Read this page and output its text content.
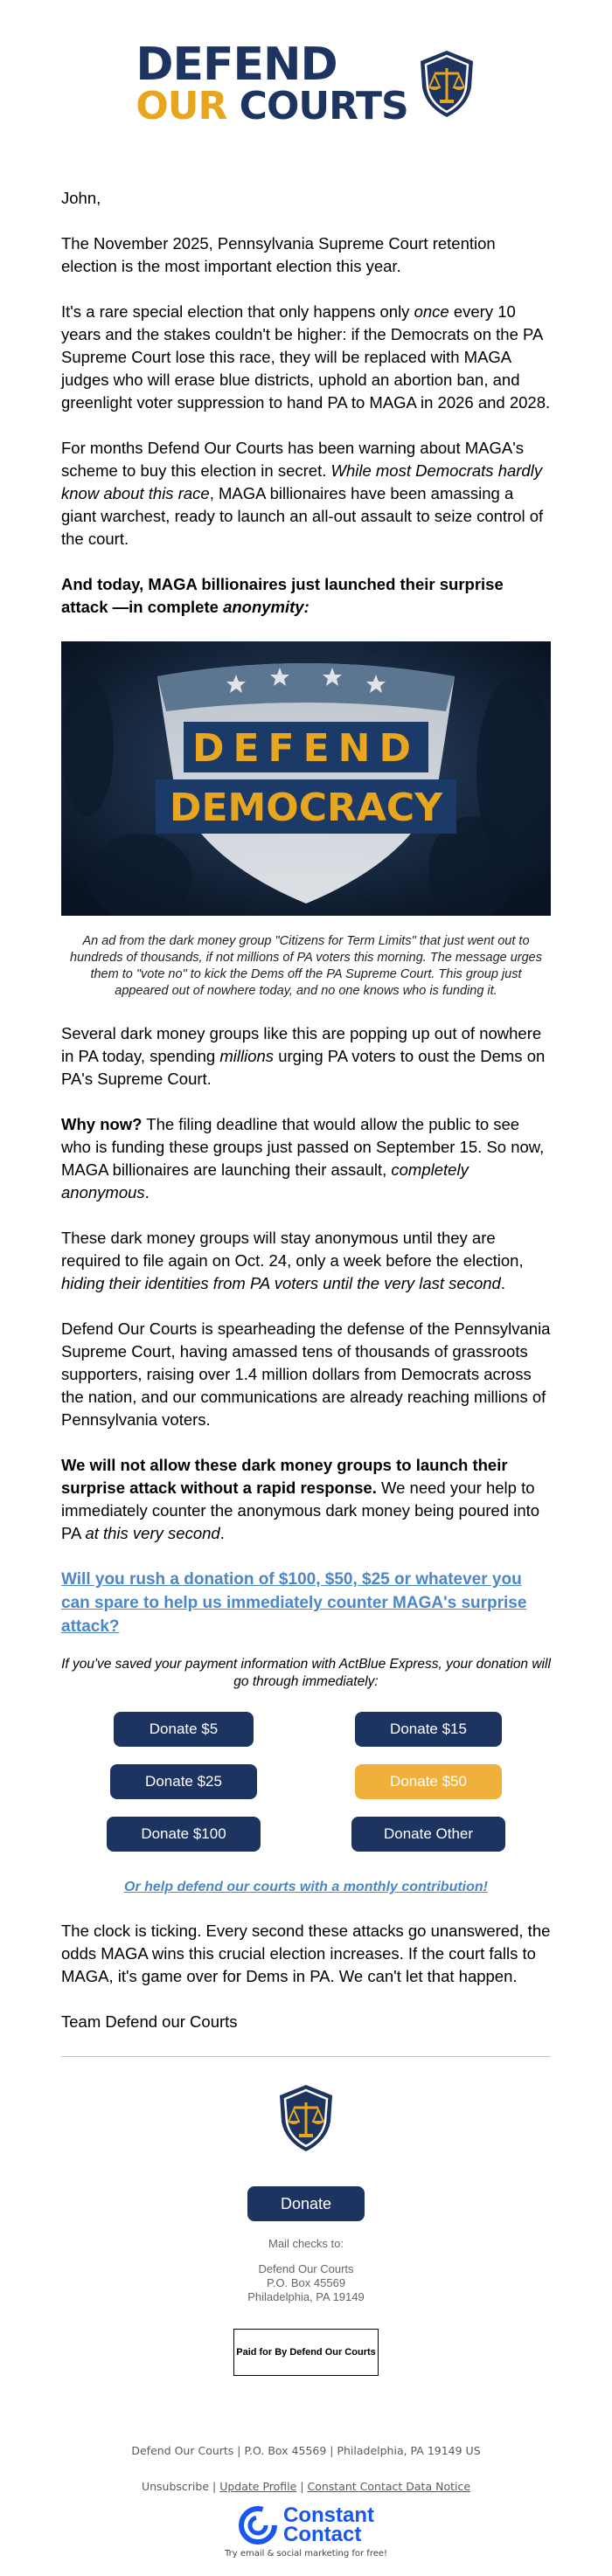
DEFEND
OUR COURTS

John,

The November 2025, Pennsylvania Supreme Court retention election is the most important election this year.

It's a rare special election that only happens only once every 10 years and the stakes couldn't be higher: if the Democrats on the PA Supreme Court lose this race, they will be replaced with MAGA judges who will erase blue districts, uphold an abortion ban, and greenlight voter suppression to hand PA to MAGA in 2026 and 2028.

For months Defend Our Courts has been warning about MAGA's scheme to buy this election in secret. While most Democrats hardly know about this race, MAGA billionaires have been amassing a giant warchest, ready to launch an all-out assault to seize control of the court.

And today, MAGA billionaires just launched their surprise attack —in complete anonymity:

DEFEND
DEMOCRACY

An ad from the dark money group "Citizens for Term Limits" that just went out to hundreds of thousands, if not millions of PA voters this morning. The message urges them to "vote no" to kick the Dems off the PA Supreme Court. This group just appeared out of nowhere today, and no one knows who is funding it.

Several dark money groups like this are popping up out of nowhere in PA today, spending millions urging PA voters to oust the Dems on PA's Supreme Court.

Why now? The filing deadline that would allow the public to see who is funding these groups just passed on September 15. So now, MAGA billionaires are launching their assault, completely anonymous.

These dark money groups will stay anonymous until they are required to file again on Oct. 24, only a week before the election, hiding their identities from PA voters until the very last second.

Defend Our Courts is spearheading the defense of the Pennsylvania Supreme Court, having amassed tens of thousands of grassroots supporters, raising over 1.4 million dollars from Democrats across the nation, and our communications are already reaching millions of Pennsylvania voters.

We will not allow these dark money groups to launch their surprise attack without a rapid response. We need your help to immediately counter the anonymous dark money being poured into PA at this very second.

Will you rush a donation of $100, $50, $25 or whatever you can spare to help us immediately counter MAGA's surprise attack?

If you've saved your payment information with ActBlue Express, your donation will go through immediately:

Donate $5	Donate $15
Donate $25	Donate $50
Donate $100	Donate Other
Or help defend our courts with a monthly contribution!

The clock is ticking. Every second these attacks go unanswered, the odds MAGA wins this crucial election increases. If the court falls to MAGA, it's game over for Dems in PA. We can't let that happen.

Team Defend our Courts

Donate
Mail checks to:
Defend Our Courts
P.O. Box 45569
Philadelphia, PA 19149
Paid for By Defend Our Courts
Defend Our Courts | P.O. Box 45569 | Philadelphia, PA 19149 US
Unsubscribe | Update Profile | Constant Contact Data Notice
Constant
Contact
Try email & social marketing for free!
